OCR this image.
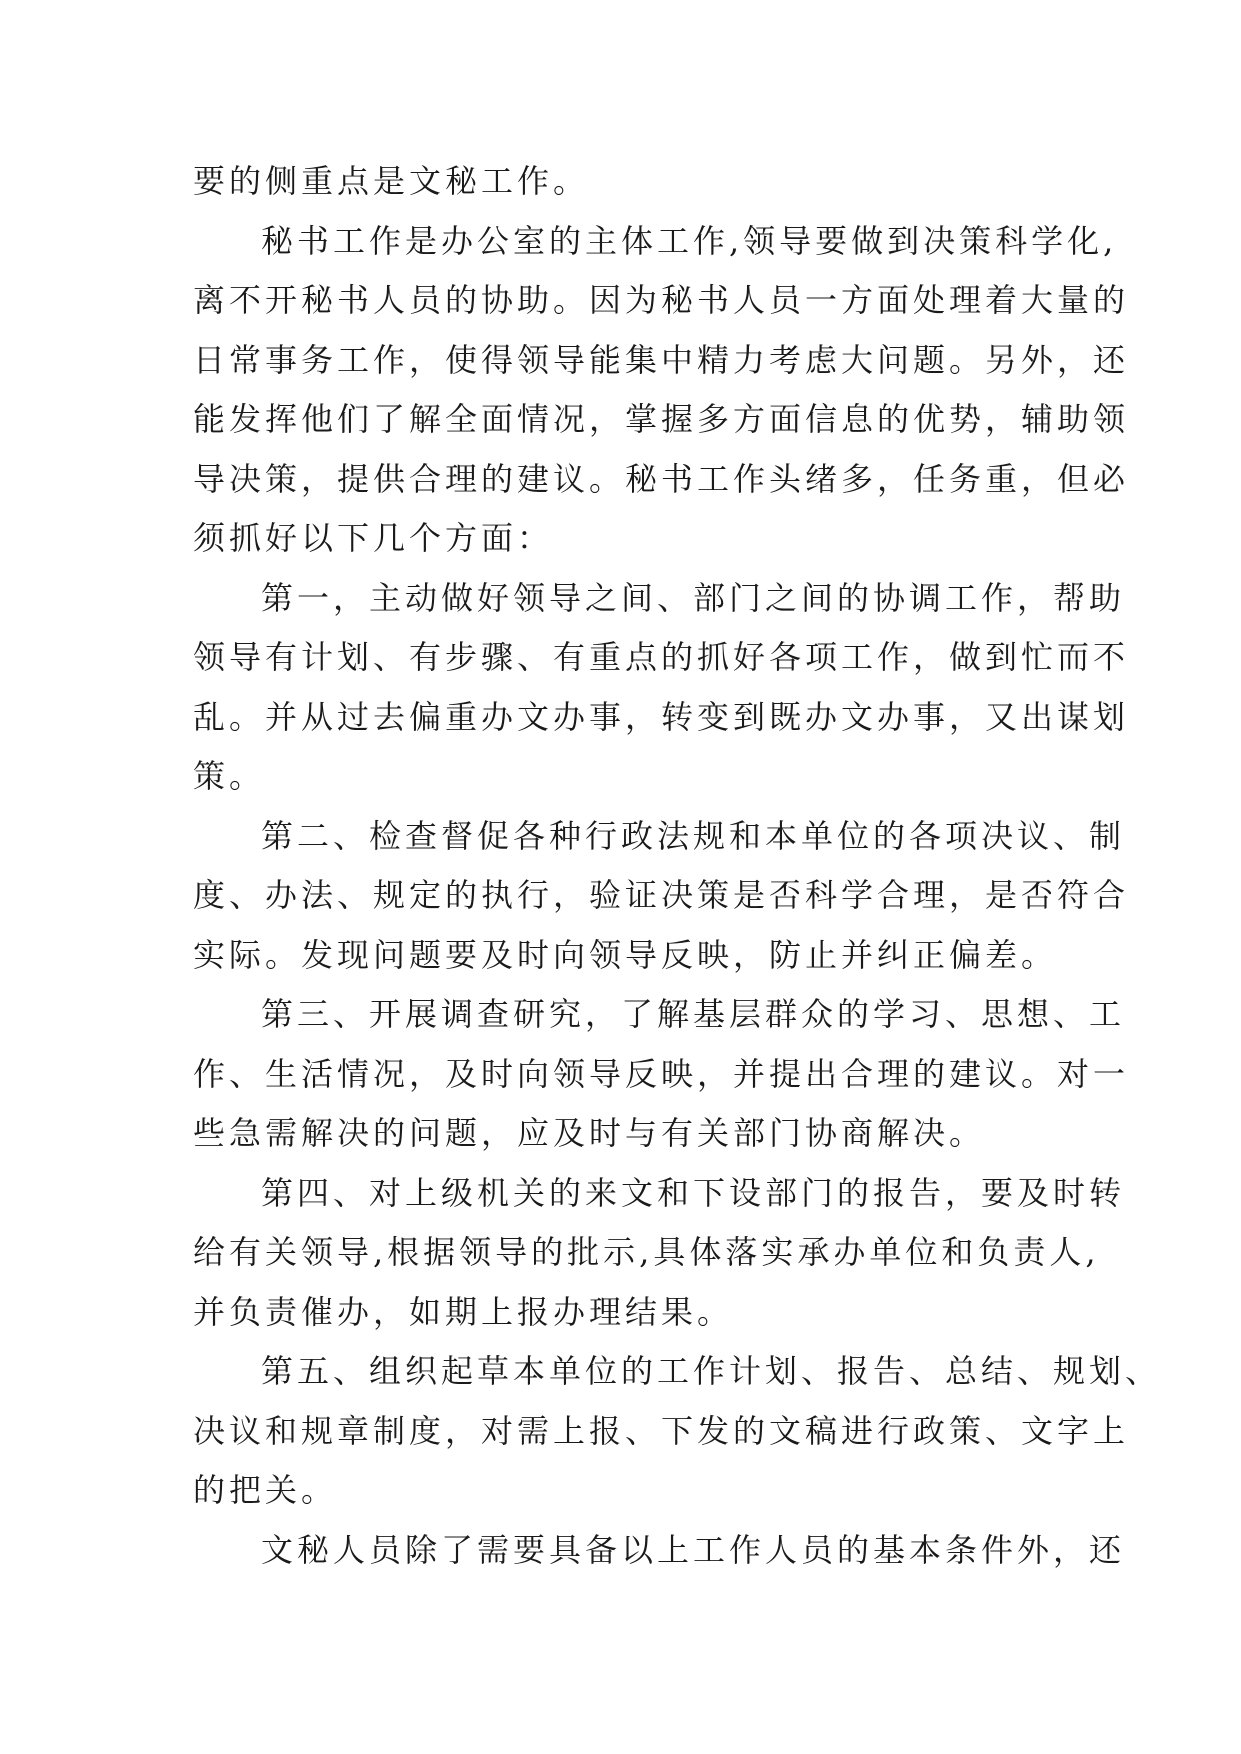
要的侧重点是文秘工作。
秘书工作是办公室的主体工作,领导要做到决策科学化,
离不开秘书人员的协助。因为秘书人员一方面处理着大量的
日常事务工作，使得领导能集中精力考虑大问题。另外，还
能发挥他们了解全面情况，掌握多方面信息的优势，辅助领
导决策，提供合理的建议。秘书工作头绪多，任务重，但必
须抓好以下几个方面：
第一，主动做好领导之间、部门之间的协调工作，帮助
领导有计划、有步骤、有重点的抓好各项工作，做到忙而不
乱。并从过去偏重办文办事，转变到既办文办事，又出谋划
策。
第二、检查督促各种行政法规和本单位的各项决议、制
度、办法、规定的执行，验证决策是否科学合理，是否符合
实际。发现问题要及时向领导反映，防止并纠正偏差。
第三、开展调查研究，了解基层群众的学习、思想、工
作、生活情况，及时向领导反映，并提出合理的建议。对一
些急需解决的问题，应及时与有关部门协商解决。
第四、对上级机关的来文和下设部门的报告，要及时转
给有关领导,根据领导的批示,具体落实承办单位和负责人,
并负责催办，如期上报办理结果。
第五、组织起草本单位的工作计划、报告、总结、规划、
决议和规章制度，对需上报、下发的文稿进行政策、文字上
的把关。
文秘人员除了需要具备以上工作人员的基本条件外，还
